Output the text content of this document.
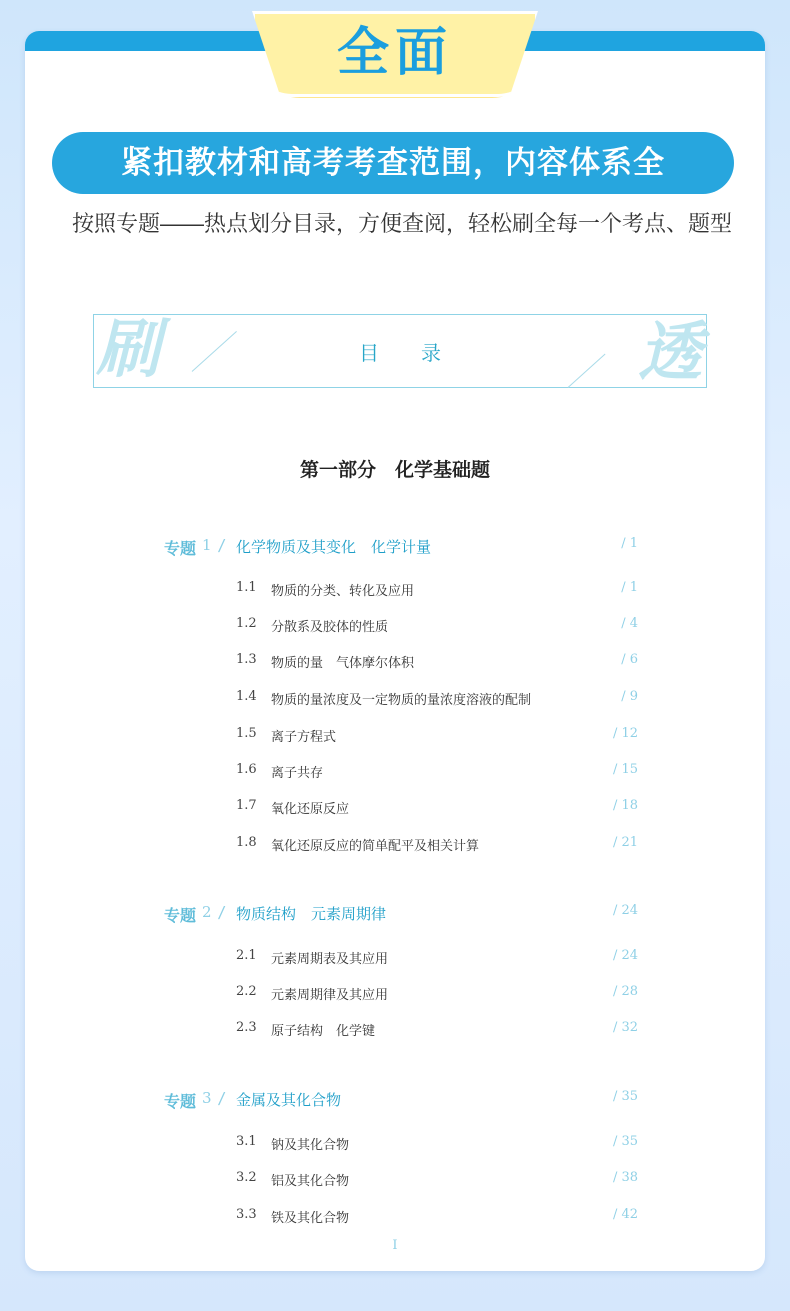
全面
紧扣教材和高考考查范围，内容体系全
按照专题——热点划分目录，方便查阅，轻松刷全每一个考点、题型
刷	目录	透
第一部分　化学基础题
专题 1 / 化学物质及其变化　化学计量	/ 1
1.1 物质的分类、转化及应用	/ 1
1.2 分散系及胶体的性质	/ 4
1.3 物质的量　气体摩尔体积	/ 6
1.4 物质的量浓度及一定物质的量浓度溶液的配制	/ 9
1.5 离子方程式	/ 12
1.6 离子共存	/ 15
1.7 氧化还原反应	/ 18
1.8 氧化还原反应的简单配平及相关计算	/ 21
专题 2 / 物质结构　元素周期律	/ 24
2.1 元素周期表及其应用	/ 24
2.2 元素周期律及其应用	/ 28
2.3 原子结构　化学键	/ 32
专题 3 / 金属及其化合物	/ 35
3.1 钠及其化合物	/ 35
3.2 铝及其化合物	/ 38
3.3 铁及其化合物	/ 42
I
